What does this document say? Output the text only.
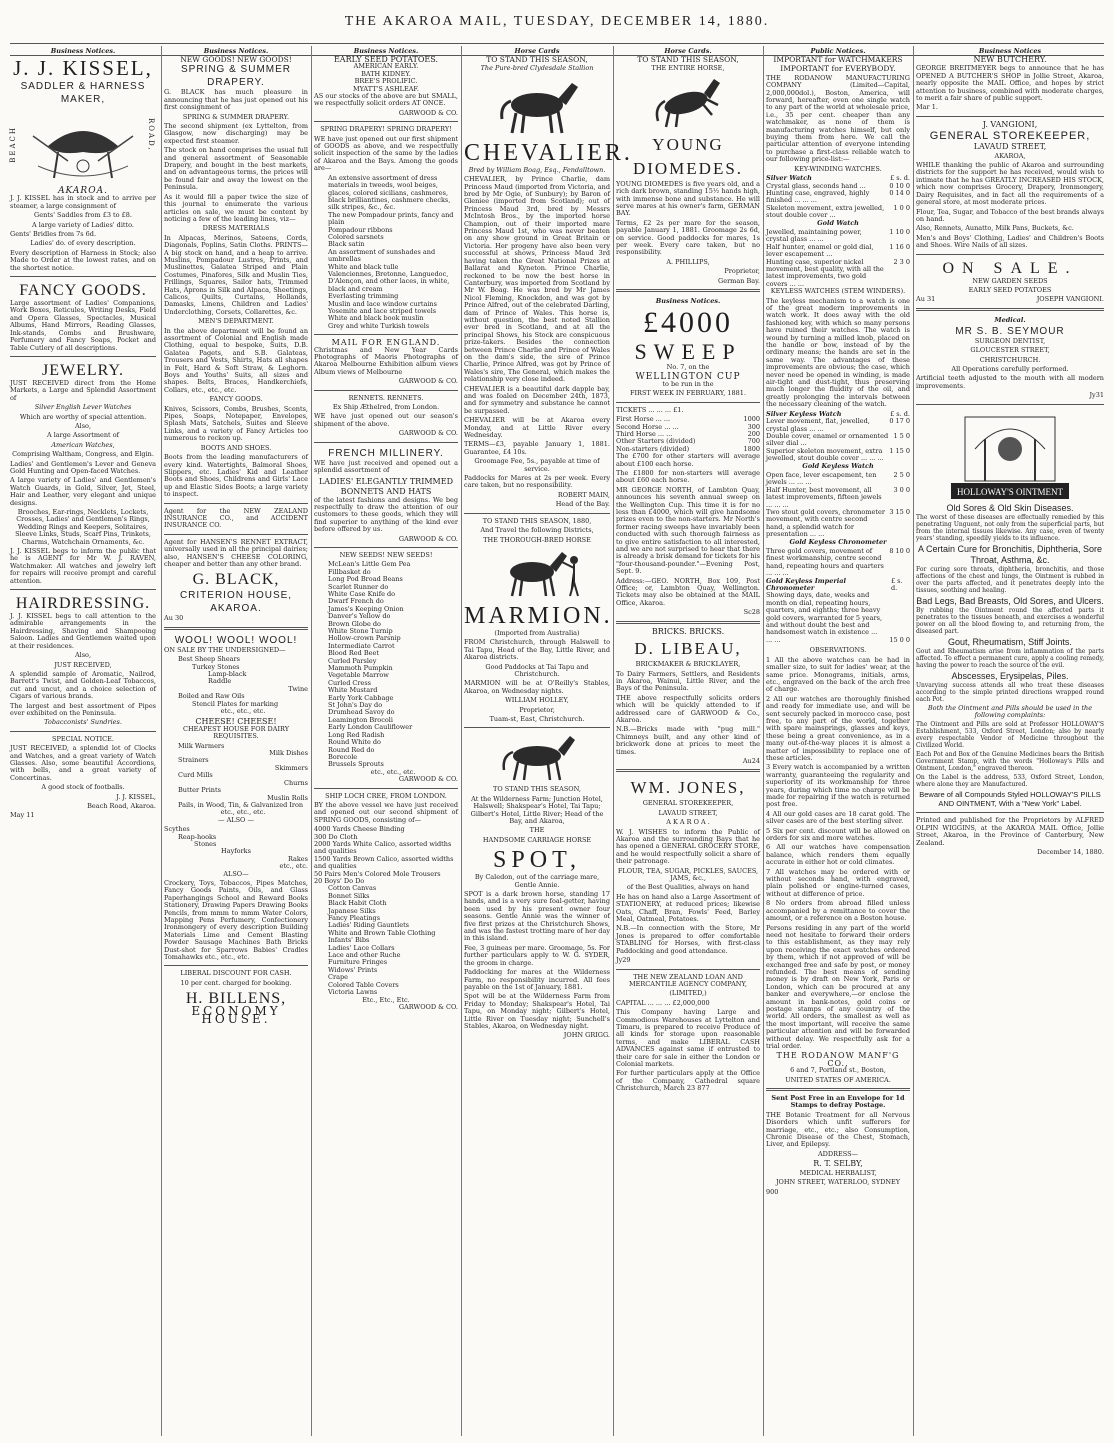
THE AKAROA MAIL, TUESDAY, DECEMBER 14, 1880.
Business Notices.
J. J. KISSEL,
SADDLER & HARNESS MAKER,
BEACH	ROAD,
AKAROA.

J. J. KISSEL has in stock and to arrive per steamer, a large consignment of

Gents' Saddles from £3 to £8.

A large variety of Ladies' ditto.

Gents' Bridles from 7s 6d.

Ladies' do. of every description.

Every description of Harness in Stock; also Made to Order at the lowest rates, and on the shortest notice.

FANCY GOODS.

Large assortment of Ladies' Companions, Work Boxes, Reticules, Writing Desks, Field and Opera Glasses, Spectacles, Musical Albums, Hand Mirrors, Reading Glasses, Ink-stands, Combs and Brushware, Perfumery and Fancy Soaps, Pocket and Table Cutlery of all descriptions.

JEWELRY.

JUST RECEIVED direct from the Home Markets, a Large and Splendid Assortment of

Silver English Lever Watches

Which are worthy of special attention.

Also,

A large Assortment of

American Watches,

Comprising Waltham, Congress, and Elgin.

Ladies' and Gentlemen's Lever and Geneva Gold Hunting and Open-faced Watches.

A large variety of Ladies' and Gentlemen's Watch Guards, in Gold, Silver, Jet, Steel, Hair and Leather, very elegant and unique designs.

Brooches, Ear-rings, Necklets, Lockets, Crosses, Ladies' and Gentlemen's Rings, Wedding Rings and Keepers, Solitaires, Sleeve Links, Studs, Scarf Pins, Trinkets, Charms, Watchchain Ornaments, &c.

J. J. KISSEL begs to inform the public that he is AGENT for Mr W. J. RAVEN, Watchmaker. All watches and jewelry left for repairs will receive prompt and careful attention.

HAIRDRESSING.

J. J. KISSEL begs to call attention to the admirable arrangements in the Hairdressing, Shaving and Shampooing Saloon. Ladies and Gentlemen waited upon at their residences.

Also,

JUST RECEIVED,

A splendid sample of Aromatic, Nailrod, Barrett's Twist, and Golden-Leaf Tobaccos, cut and uncut, and a choice selection of Cigars of various brands.

The largest and best assortment of Pipes ever exhibited on the Peninsula.

Tobacconists' Sundries.

SPECIAL NOTICE.

JUST RECEIVED, a splendid lot of Clocks and Watches, and a great variety of Watch Glasses. Also, some beautiful Accordions, with bells, and a great variety of Concertinas.

A good stock of footballs.

J. J. KISSEL,

Beach Road, Akaroa.

May 11

Business Notices.
NEW GOODS! NEW GOODS!
SPRING & SUMMER DRAPERY.

G. BLACK has much pleasure in announcing that he has just opened out his first consignment of

SPRING & SUMMER DRAPERY.

The second shipment (ex Lyttelton, from Glasgow, now discharging) may be expected first steamer.

The stock on hand comprises the usual full and general assortment of Seasonable Drapery, and bought in the best markets, and on advantageous terms, the prices will be found fair and away the lowest on the Peninsula.

As it would fill a paper twice the size of this journal to enumerate the various articles on sale, we must be content by noticing a few of the leading lines, viz—

DRESS MATERIALS

In Alpacas, Merinos, Sateens, Cords, Diagonals, Poplins, Satin Cloths. PRINTS—A big stock on hand, and a heap to arrive. Muslins, Pompadour Lustres, Prints, and Muslinettes, Galatea Striped and Plain Costumes, Pinafores, Silk and Muslin Ties, Frillings, Squares, Sailor hats, Trimmed Hats, Aprons in Silk and Alpaca, Sheetings, Calicos, Quilts, Curtains, Hollands, Damasks, Linens, Children and Ladies' Underclothing, Corsets, Collarettes, &c.

MEN'S DEPARTMENT.

In the above department will be found an assortment of Colonial and English made Clothing, equal to bespoke, Suits, D.B. Galatea Pagets, and S.B. Galateas, Trousers and Vests, Shirts, Hats all shapes in Felt, Hard & Soft Straw, & Leghorn. Boys and Youths' Suits, all sizes and shapes. Belts, Braces, Handkerchiefs, Collars, etc., etc., etc.

FANCY GOODS.

Knives, Scissors, Combs, Brushes, Scents, Pipes, Soaps, Notepaper, Envelopes, Splash Mats, Satchels, Suites and Sleeve Links, and a variety of Fancy Articles too numerous to reckon up.

BOOTS AND SHOES.

Boots from the leading manufacturers of every kind. Watertights, Balmoral Shoes, Slippers, etc. Ladies' Kid and Leather Boots and Shoes, Childrens and Girls' Lace up and Elastic Sides Boots; a large variety to inspect.

Agent for the NEW ZEALAND INSURANCE CO., and ACCIDENT INSURANCE CO.

Agent for HANSEN'S RENNET EXTRACT, universally used in all the principal dairies; also, HANSEN'S CHEESE COLORING, cheaper and better than any other brand.

G. BLACK,
CRITERION HOUSE, AKAROA.

Au 30

WOOL! WOOL! WOOL!

ON SALE BY THE UNDERSIGNED—

Best Sheep Shears
Turkey Stones
Lamp-black
Raddle
Twine
Boiled and Raw Oils
Stencil Plates for marking
etc., etc., etc.
CHEESE! CHEESE!

CHEAPEST HOUSE FOR DAIRY REQUISITES.

Milk Warmers
Milk Dishes
Strainers
Skimmers
Curd Mills
Churns
Butter Prints
Muslin Rolls
Pails, in Wood, Tin, & Galvanized Iron
etc., etc., etc.

— ALSO —

Scythes
Reap-hooks
Stones
Hayforks
Rakes
etc., etc.

ALSO—

Crockery, Toys, Tobaccos, Pipes Matches, Fancy Goods Paints, Oils, and Glass Paperhangings School and Reward Books Stationery, Drawing Papers Drawing Books Pencils, from mmm to mmm Water Colors, Mapping Pens Perfumery, Confectionery Ironmongery of every description Building Materials Lime and Cement Blasting Powder Sausage Machines Bath Bricks Dust-shot for Sparrows Babies' Cradles Tomahawks etc., etc., etc.

LIBERAL DISCOUNT FOR CASH.

10 per cent. charged for booking.

H. BILLENS,
ECONOMY HOUSE.
Business Notices.
EARLY SEED POTATOES.
AMERICAN EARLY.
BATH KIDNEY.
BREE'S PROLIFIC.
MYATT'S ASHLEAF.

AS our stocks of the above are but SMALL, we respectfully solicit orders AT ONCE.

GARWOOD & CO.

SPRING DRAPERY! SPRING DRAPERY!

WE have just opened out our first shipment of GOODS as above, and we respectfully solicit inspection of the same by the ladies of Akaroa and the Bays. Among the goods are—

An extensive assortment of dress materials in tweeds, wool beiges, glaces, colored sicilians, cashmeres, black brilliantines, cashmere checks, silk stripes, &c., &c.
The new Pompadour prints, fancy and plain
Pompadour ribbons
Colored sarsnets
Black satin
An assortment of sunshades and umbrellas
White and black tulle
Valenciennes, Bretonne, Languedoc, D'Alençon, and other laces, in white, black and cream
Everlasting trimming
Muslin and lace window curtains
Yosemite and lace striped towels
White and black book muslin
Grey and white Turkish towels
MAIL FOR ENGLAND.

Christmas and New Year Cards Photographs of Maoris Photographs of Akaroa Melbourne Exhibition album views Album views of Melbourne

GARWOOD & CO.

RENNETS. RENNETS.

Ex Ship Æthelred, from London.

WE have just opened out our season's shipment of the above.

GARWOOD & CO.

FRENCH MILLINERY.

WE have just received and opened out a splendid assortment of

LADIES' ELEGANTLY TRIMMED BONNETS AND HATS

of the latest fashions and designs. We beg respectfully to draw the attention of our customers to these goods, which they will find superior to anything of the kind ever before offered by us.

GARWOOD & CO.

NEW SEEDS! NEW SEEDS!

McLean's Little Gem Pea
Fillbasket do
Long Pod Broad Beans
Scarlet Runner do
White Case Knife do
Dwarf French do
James's Keeping Onion
Danver's Yellow do
Brown Globe do
White Stone Turnip
Hollow-crown Parsnip
Intermediate Carrot
Blood Red Beet
Curled Parsley
Mammoth Pumpkin
Vegetable Marrow
Curled Cress
White Mustard
Early York Cabbage
St John's Day do
Drumhead Savoy do
Leamington Brocoli
Early London Cauliflower
Long Red Radish
Round White do
Round Red do
Borecole
Brussels Sprouts
etc., etc., etc.

GARWOOD & CO.

SHIP LOCH CREE, FROM LONDON.

BY the above vessel we have just received and opened out our second shipment of SPRING GOODS, consisting of—

4000 Yards Cheese Binding
300 Do Cloth
2000 Yards White Calico, assorted widths and qualities
1500 Yards Brown Calico, assorted widths and qualities
50 Pairs Men's Colored Mole Trousers
20 Boys' Do Do
Cotton Canvas
Bonnet Silks
Black Habit Cloth
Japanese Silks
Fancy Pleatings
Ladies' Riding Gauntlets
White and Brown Table Clothing
Infants' Bibs
Ladies' Lace Collars
Lace and other Ruche
Furniture Fringes
Widows' Prints
Crape
Colored Table Covers
Victoria Lawns
Etc., Etc., Etc.

GARWOOD & CO.

Horse Cards

TO STAND THIS SEASON,

The Pure-bred Clydesdale Stallion

CHEVALIER.

Bred by William Boag, Esq., Fendalltown.

CHEVALIER, by Prince Charlie, dam Princess Maud (imported from Victoria, and bred by Mr Ogie, of Sunbury); by Baron of Gleniee (imported from Scotland); out of Princess Maud 3rd, bred by Messrs McIntosh Bros., by the imported horse Champion, out of their imported mare Princess Maud 1st, who was never beaten on any show ground in Great Britain or Victoria. Her progeny have also been very successful at shows, Princess Maud 3rd having taken the Great National Prizes at Ballarat and Kyneton. Prince Charlie, reckoned to be now the best horse in Canterbury, was imported from Scotland by Mr W. Boag. He was bred by Mr James Nicol Fleming, Knockdon, and was got by Prince Alfred, out of the celebrated Darling, dam of Prince of Wales. This horse is, without question, the best noted Stallion ever bred in Scotland, and at all the principal Shows, his Stock are conspicuous prize-takers. Besides the connection between Prince Charlie and Prince of Wales on the dam's side, the sire of Prince Charlie, Prince Alfred, was got by Prince of Wales's sire, The General, which makes the relationship very close indeed.

CHEVALIER is a beautiful dark dapple bay, and was foaled on December 24th, 1873, and for symmetry and substance he cannot be surpassed.

CHEVALIER will be at Akaroa every Monday, and at Little River every Wednesday.

TERMS—£3, payable January 1, 1881. Guarantee, £4 10s.

Groomage Fee, 5s., payable at time of service.

Paddocks for Mares at 2s per week. Every care taken, but no responsibility.

ROBERT MAIN,

Head of the Bay.

TO STAND THIS SEASON, 1880,

And Travel the following Districts,

THE THOROUGH-BRED HORSE

MARMION.

(Imported from Australia)

FROM Christchurch, through Halswell to Tai Tapu, Head of the Bay, Little River, and Akaroa districts.

Good Paddocks at Tai Tapu and Christchurch.

MARMION will be at O'Reilly's Stables, Akaroa, on Wednesday nights.

WILLIAM HOLLEY,

Proprietor,

Tuam-st, East, Christchurch.

TO STAND THIS SEASON,

At the Wilderness Farm; Junction Hotel, Halswell; Shakspear's Hotel, Tai Tapu; Gilbert's Hotel, Little River; Head of the Bay, and Akaroa,

THE

HANDSOME CARRIAGE HORSE

SPOT,

By Caledon, out of the carriage mare, Gentle Annie.

SPOT is a dark brown horse, standing 17 hands, and is a very sure foal-getter, having been used by his present owner four seasons. Gentle Annie was the winner of five first prizes at the Christchurch Shows, and was the fastest trotting mare of her day in this island.

Fee, 3 guineas per mare. Groomage, 5s. For further particulars apply to W. G. SYDER, the groom in charge.

Paddocking for mares at the Wilderness Farm, no responsibility incurred. All fees payable on the 1st of January, 1881.

Spot will be at the Wilderness Farm from Friday to Monday; Shakspear's Hotel, Tai Tapu, on Monday night; Gilbert's Hotel, Little River on Tuesday night; Sunchell's Stables, Akaroa, on Wednesday night.

JOHN GRIGG.

Horse Cards.

TO STAND THIS SEASON,

THE ENTIRE HORSE,

YOUNG DIOMEDES.

YOUNG DIOMEDES is five years old, and a rich dark brown, standing 15½ hands high, with immense bone and substance. He will serve mares at his owner's farm, GERMAN BAY.

Terms, £2 2s per mare for the season, payable January 1, 1881. Groomage 2s 6d, on service. Good paddocks for mares, 1s per week. Every care taken, but no responsibility.

A. PHILLIPS,

Proprietor,

German Bay.

Business Notices.
£4000
SWEEP

No. 7, on the

WELLINGTON CUP

to be run in the

FIRST WEEK IN FEBRUARY, 1881.

TICKETS ... ... ... £1.

First Horse ... ...	1000
Second Horse ... ...	300
Third Horse ... ...	200
Other Starters (divided)	700
Non-starters (divided)	1800

The £700 for other starters will average about £100 each horse.

The £1800 for non-starters will average about £60 each horse.

MR GEORGE NORTH, of Lambton Quay, announces his seventh annual sweep on the Wellington Cup. This time it is for no less than £4000, which will give handsome prizes even to the non-starters. Mr North's former racing sweeps have invariably been conducted with such thorough fairness as to give entire satisfaction to all interested, and we are not surprised to hear that there is already a brisk demand for tickets for his "four-thousand-pounder."—Evening Post, Sept. 9.

Address:—GEO. NORTH, Box 109, Post Office; or, Lambton Quay, Wellington. Tickets may also be obtained at the MAIL Office, Akaroa.

Sc28

BRICKS. BRICKS.

D. LIBEAU,

BRICKMAKER & BRICKLAYER,

To Dairy Farmers, Settlers, and Residents in Akaroa, Wainui, Little River, and the Bays of the Peninsula.

THE above respectfully solicits orders which will be quickly attended to if addressed care of GARWOOD & Co., Akaroa.

N.B.—Bricks made with "pug mill." Chimneys built, and any other kind of brickwork done at prices to meet the times.

Au24

WM. JONES,

GENERAL STOREKEEPER,

LAVAUD STREET,

A K A R O A .

W. J. WISHES to inform the Public of Akaroa and the surrounding Bays that he has opened a GENERAL GROCERY STORE, and he would respectfully solicit a share of their patronage.

FLOUR, TEA, SUGAR, PICKLES, SAUCES, JAMS, &c.,

of the Best Qualities, always on hand

He has on hand also a Large Assortment of STATIONERY, at reduced prices; likewise Oats, Chaff, Bran, Fowls' Feed, Barley Meal, Oatmeal, Potatoes.

N.B.—In connection with the Store, Mr Jones is prepared to offer comfortable STABLING for Horses, with first-class Paddocking and good attendance.

Jy29

THE NEW ZEALAND LOAN AND MERCANTILE AGENCY COMPANY,

(LIMITED,)

CAPITAL ... ... ... £2,000,000

This Company having Large and Commodious Warehouses at Lyttelton and Timaru, is prepared to receive Produce of all kinds for storage upon reasonable terms, and make LIBERAL CASH ADVANCES against same if entrusted to their care for sale in either the London or Colonial markets.

For further particulars apply at the Office of the Company, Cathedral square Christchurch, March 23 877

Public Notices.

IMPORTANT for WATCHMAKERS

IMPORTANT for EVERYBODY.

THE RODANOW MANUFACTURING COMPANY (Limited—Capital, 2,000,000dol.), Boston, America, will forward, hereafter, even one single watch to any part of the world at wholesale price, i.e., 35 per cent. cheaper than any watchmaker, as none of them is manufacturing watches himself, but only buying them from here. We call the particular attention of everyone intending to purchase a first-class reliable watch to our following price-list:—

KEY-WINDING WATCHES.

Silver Watch	£ s. d.
Crystal glass, seconds hand ...	0 10 0
Hunting case, engraved, highly finished ... ... ...
0 14 0
Skeleton movement, extra jewelled, stout double cover ...
1 0 0

Gold Watch

Jewelled, maintaining power, crystal glass ... ...
1 10 0
Half hunter, enamel or gold dial, lever escapement ...
1 16 0
Hunting case, superior nickel movement, best quality, with all the latest improvements, two gold covers ... ...
2 3 0

KEYLESS WATCHES (STEM WINDERS).

The keyless mechanism to a watch is one of the great modern improvements in watch work. It does away with the old fashioned key, with which so many persons have ruined their watches. The watch is wound by turning a milled knob, placed on the handle or bow, instead of by the ordinary means; the hands are set in the same way. The advantages of these improvements are obvious; the case, which never need be opened in winding, is made air-tight and dust-tight, thus preserving much longer the fluidity of the oil, and greatly prolonging the intervals between the necessary cleaning of the watch.

Silver Keyless Watch	£ s. d.
Lever movement, flat, jewelled, crystal glass ... ...
0 17 0
Double cover, enamel or ornamented silver dial ...
1 5 0
Superior skeleton movement, extra jewelled, stout double cover ... ... ...
1 15 0

Gold Keyless Watch

Open face, lever escapement, ten jewels ... ... ...
2 5 0
Half Hunter, best movement, all latest improvements, fifteen jewels ... ... ...
3 0 0
Two stout gold covers, chronometer movement, with centre second hand, a splendid watch for presentation ... ...
3 15 0

Gold Keyless Chronometer

Three gold covers, movement of finest workmanship, centre second hand, repeating hours and quarters ... ... ...
8 10 0
Gold Keyless Imperial Chronometer
£ s. d.
Showing days, date, weeks and month on dial, repeating hours, quarters, and eighths; three heavy gold covers, warranted for 5 years, and without doubt the best and handsomest watch in existence ... ... ...	15 0 0

OBSERVATIONS.

1 All the above watches can be had in smaller size, to suit for ladies' wear, at the same price. Monograms, initials, arms, etc., engraved on the back of the arch free of charge.

2 All our watches are thoroughly finished and ready for immediate use, and will be sent securely packed in morocco case, post free, to any part of the world, together with spare mainsprings, glasses and keys, these being a great convenience, as in a many out-of-the-way places it is almost a matter of impossibility to replace one of these articles.

3 Every watch is accompanied by a written warranty, guaranteeing the regularity and superiority of its workmanship for three years, during which time no charge will be made for repairing if the watch is returned post free.

4 All our gold cases are 18 carat gold. The silver cases are of the best sterling silver.

5 Six per cent. discount will be allowed on orders for six and more watches.

6 All our watches have compensation balance, which renders them equally accurate in either hot or cold climates.

7 All watches may be ordered with or without seconds hand, with engraved, plain polished or engine-turned cases, without at difference of price.

8 No orders from abroad filled unless accompanied by a remittance to cover the amount, or a reference on a Boston house.

Persons residing in any part of the world need not hesitate to forward their orders to this establishment, as they may rely upon receiving the exact watches ordered by them, which if not approved of will be exchanged free and safe by post, or money refunded. The best means of sending money is by draft on New York, Paris or London, which can be procured at any banker and everywhere,—or enclose the amount in bank-notes, gold coins or postage stamps of any country of the world. All orders, the smallest as well as the most important, will receive the same particular attention and will be forwarded without delay. We respectfully ask for a trial order.

THE RODANOW MANF'G CO.,

6 and 7, Portland st., Boston,

UNITED STATES OF AMERICA.

Sent Post Free in an Envelope for 1d Stamps to defray Postage.

THE Botanic Treatment for all Nervous Disorders which unfit sufferers for marriage, etc., etc.; also Consumption, Chronic Disease of the Chest, Stomach, Liver, and Epilepsy.

ADDRESS—

R. T. SELBY,

MEDICAL HERBALIST,

JOHN STREET, WATERLOO, SYDNEY

900

Business Notices

NEW BUTCHERY.

GEORGE BREITMEYER begs to announce that he has OPENED A BUTCHER'S SHOP in Jollie Street, Akaroa, nearly opposite the MAIL Office, and hopes by strict attention to business, combined with moderate charges, to merit a fair share of public support.

Mar 1.

J. VANGIONI,

GENERAL STOREKEEPER,

LAVAUD STREET,

AKAROA,

WHILE thanking the public of Akaroa and surrounding districts for the support he has received, would wish to intimate that he has GREATLY INCREASED HIS STOCK, which now comprises Grocery, Drapery, Ironmongery, Dairy Requisites, and in fact all the requirements of a general store, at most moderate prices.

Flour, Tea, Sugar, and Tobacco of the best brands always on hand.

Also, Rennets, Aunatto, Milk Pans, Buckets, &c.

Men's and Boys' Clothing, Ladies' and Children's Boots and Shoes. Wire Nails of all sizes.

ON SALE.

NEW GARDEN SEEDS

EARLY SEED POTATOES

Au 31	JOSEPH VANGIONI.
Medical.
MR S. B. SEYMOUR

SURGEON DENTIST,

GLOUCESTER STREET,

CHRISTCHURCH.

All Operations carefully performed.

Artificial teeth adjusted to the mouth with all modern improvements.

Jy31

HOLLOWAY'S OINTMENT
Old Sores & Old Skin Diseases.

The worst of these diseases are effectually remedied by this penetrating Unguent, not only from the superficial parts, but from the internal tissues likewise. Any case, even of twenty years' standing, speedily yields to its influence.

A Certain Cure for Bronchitis, Diphtheria, Sore Throat, Asthma, &c.

For curing sore throats, diphtheria, bronchitis, and those affections of the chest and lungs, the Ointment is rubbed in over the parts affected, and it penetrates deeply into the tissues, soothing and healing.

Bad Legs, Bad Breasts, Old Sores, and Ulcers.

By rubbing the Ointment round the affected parts it penetrates to the tissues beneath, and exercises a wonderful power on all the blood flowing to, and returning from, the diseased part.

Gout, Rheumatism, Stiff Joints.

Gout and Rheumatism arise from inflammation of the parts affected. To effect a permanent cure, apply a cooling remedy, having the power to reach the source of the evil.

Abscesses, Erysipelas, Piles.

Unvarying success attends all who treat these diseases according to the simple printed directions wrapped round each Pot.

Both the Ointment and Pills should be used in the following complaints:

The Ointment and Pills are sold at Professor HOLLOWAY'S Establishment, 533, Oxford Street, London; also by nearly every respectable Vendor of Medicine throughout the Civilized World.

Each Pot and Box of the Genuine Medicines bears the British Government Stamp, with the words "Holloway's Pills and Ointment, London," engraved thereon.

On the Label is the address, 533, Oxford Street, London, where alone they are Manufactured.

Beware of all Compounds Styled HOLLOWAY'S PILLS AND OINTMENT, With a "New York" Label.

Printed and published for the Proprietors by ALFRED OLPIN WIGGINS, at the AKAROA MAIL Office, Jollie Street, Akaroa, in the Province of Canterbury, New Zealand.

December 14, 1880.
